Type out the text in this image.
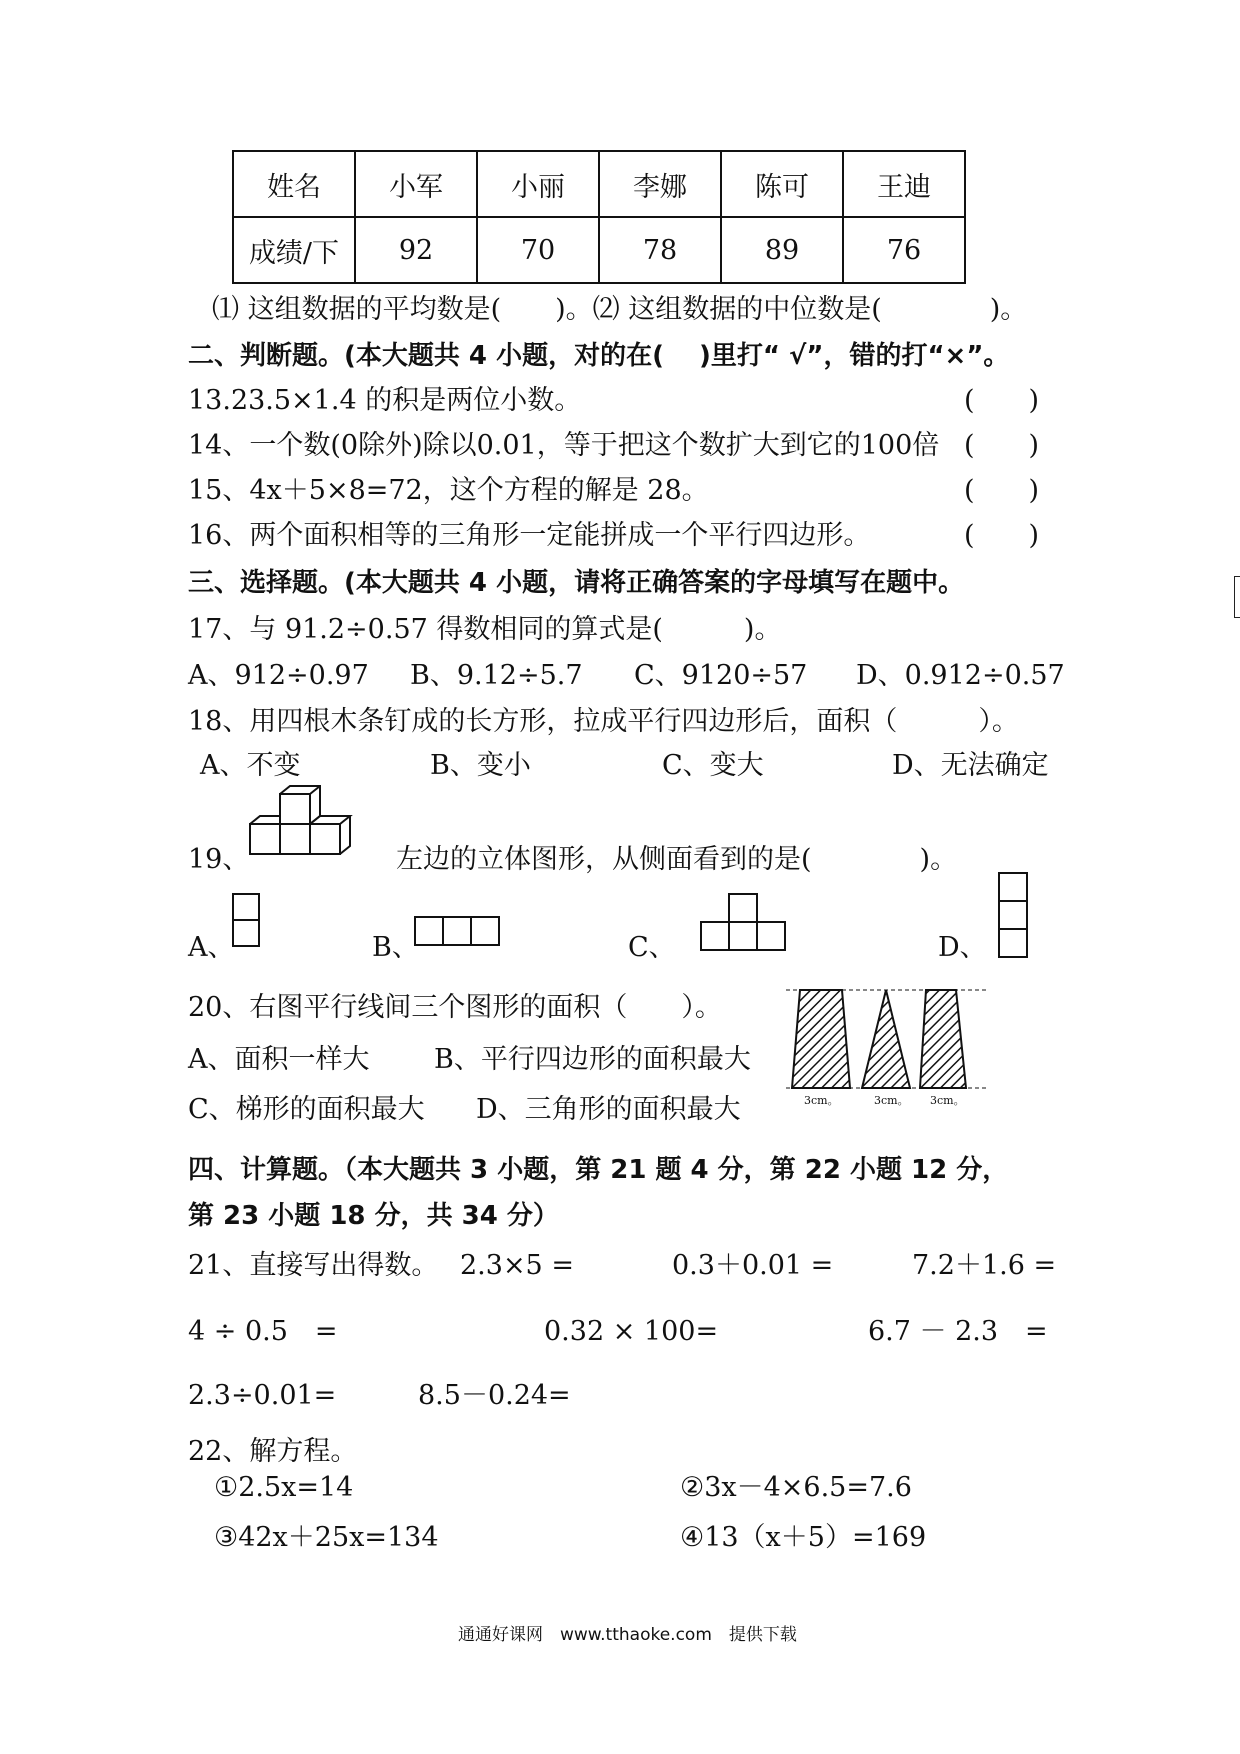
姓名	小军	小丽	李娜	陈可	王迪
成绩/下	92	70	78	89	76
⑴ 这组数据的平均数是(　　)。⑵ 这组数据的中位数是(　　　　)。
二、判断题。(本大题共 4 小题，对的在(　 )里打“ √”，错的打“×”。
13.23.5×1.4 的积是两位小数。	(　　)
14、一个数(0除外)除以0.01，等于把这个数扩大到它的100倍 (　　)
15、4x＋5×8=72，这个方程的解是 28。	(　　)
16、两个面积相等的三角形一定能拼成一个平行四边形。	(　　)
三、选择题。(本大题共 4 小题，请将正确答案的字母填写在题中。
17、与 91.2÷0.57 得数相同的算式是(　　　)。
A、912÷0.97 B、9.12÷5.7 C、9120÷57 D、0.912÷0.57
18、用四根木条钉成的长方形，拉成平行四边形后，面积（　　　）。
A、不变	B、变小	C、变大	D、无法确定
19、	左边的立体图形，从侧面看到的是(　　　　)。
A、	B、	C、	D、
20、右图平行线间三个图形的面积（　　）。
A、面积一样大 B、平行四边形的面积最大
C、梯形的面积最大 D、三角形的面积最大	3cm。	3cm。 3cm。
四、计算题。（本大题共 3 小题，第 21 题 4 分，第 22 小题 12 分，
第 23 小题 18 分，共 34 分）
21、直接写出得数。 2.3×5 =	0.3＋0.01 =	7.2＋1.6 =
4 ÷ 0.5　=	0.32 × 100=	6.7 － 2.3　=
2.3÷0.01=	8.5－0.24=
22、解方程。
①2.5x=14	②3x－4×6.5=7.6
③42x＋25x=134	④13（x＋5）=169
通通好课网　www.tthaoke.com　提供下载
